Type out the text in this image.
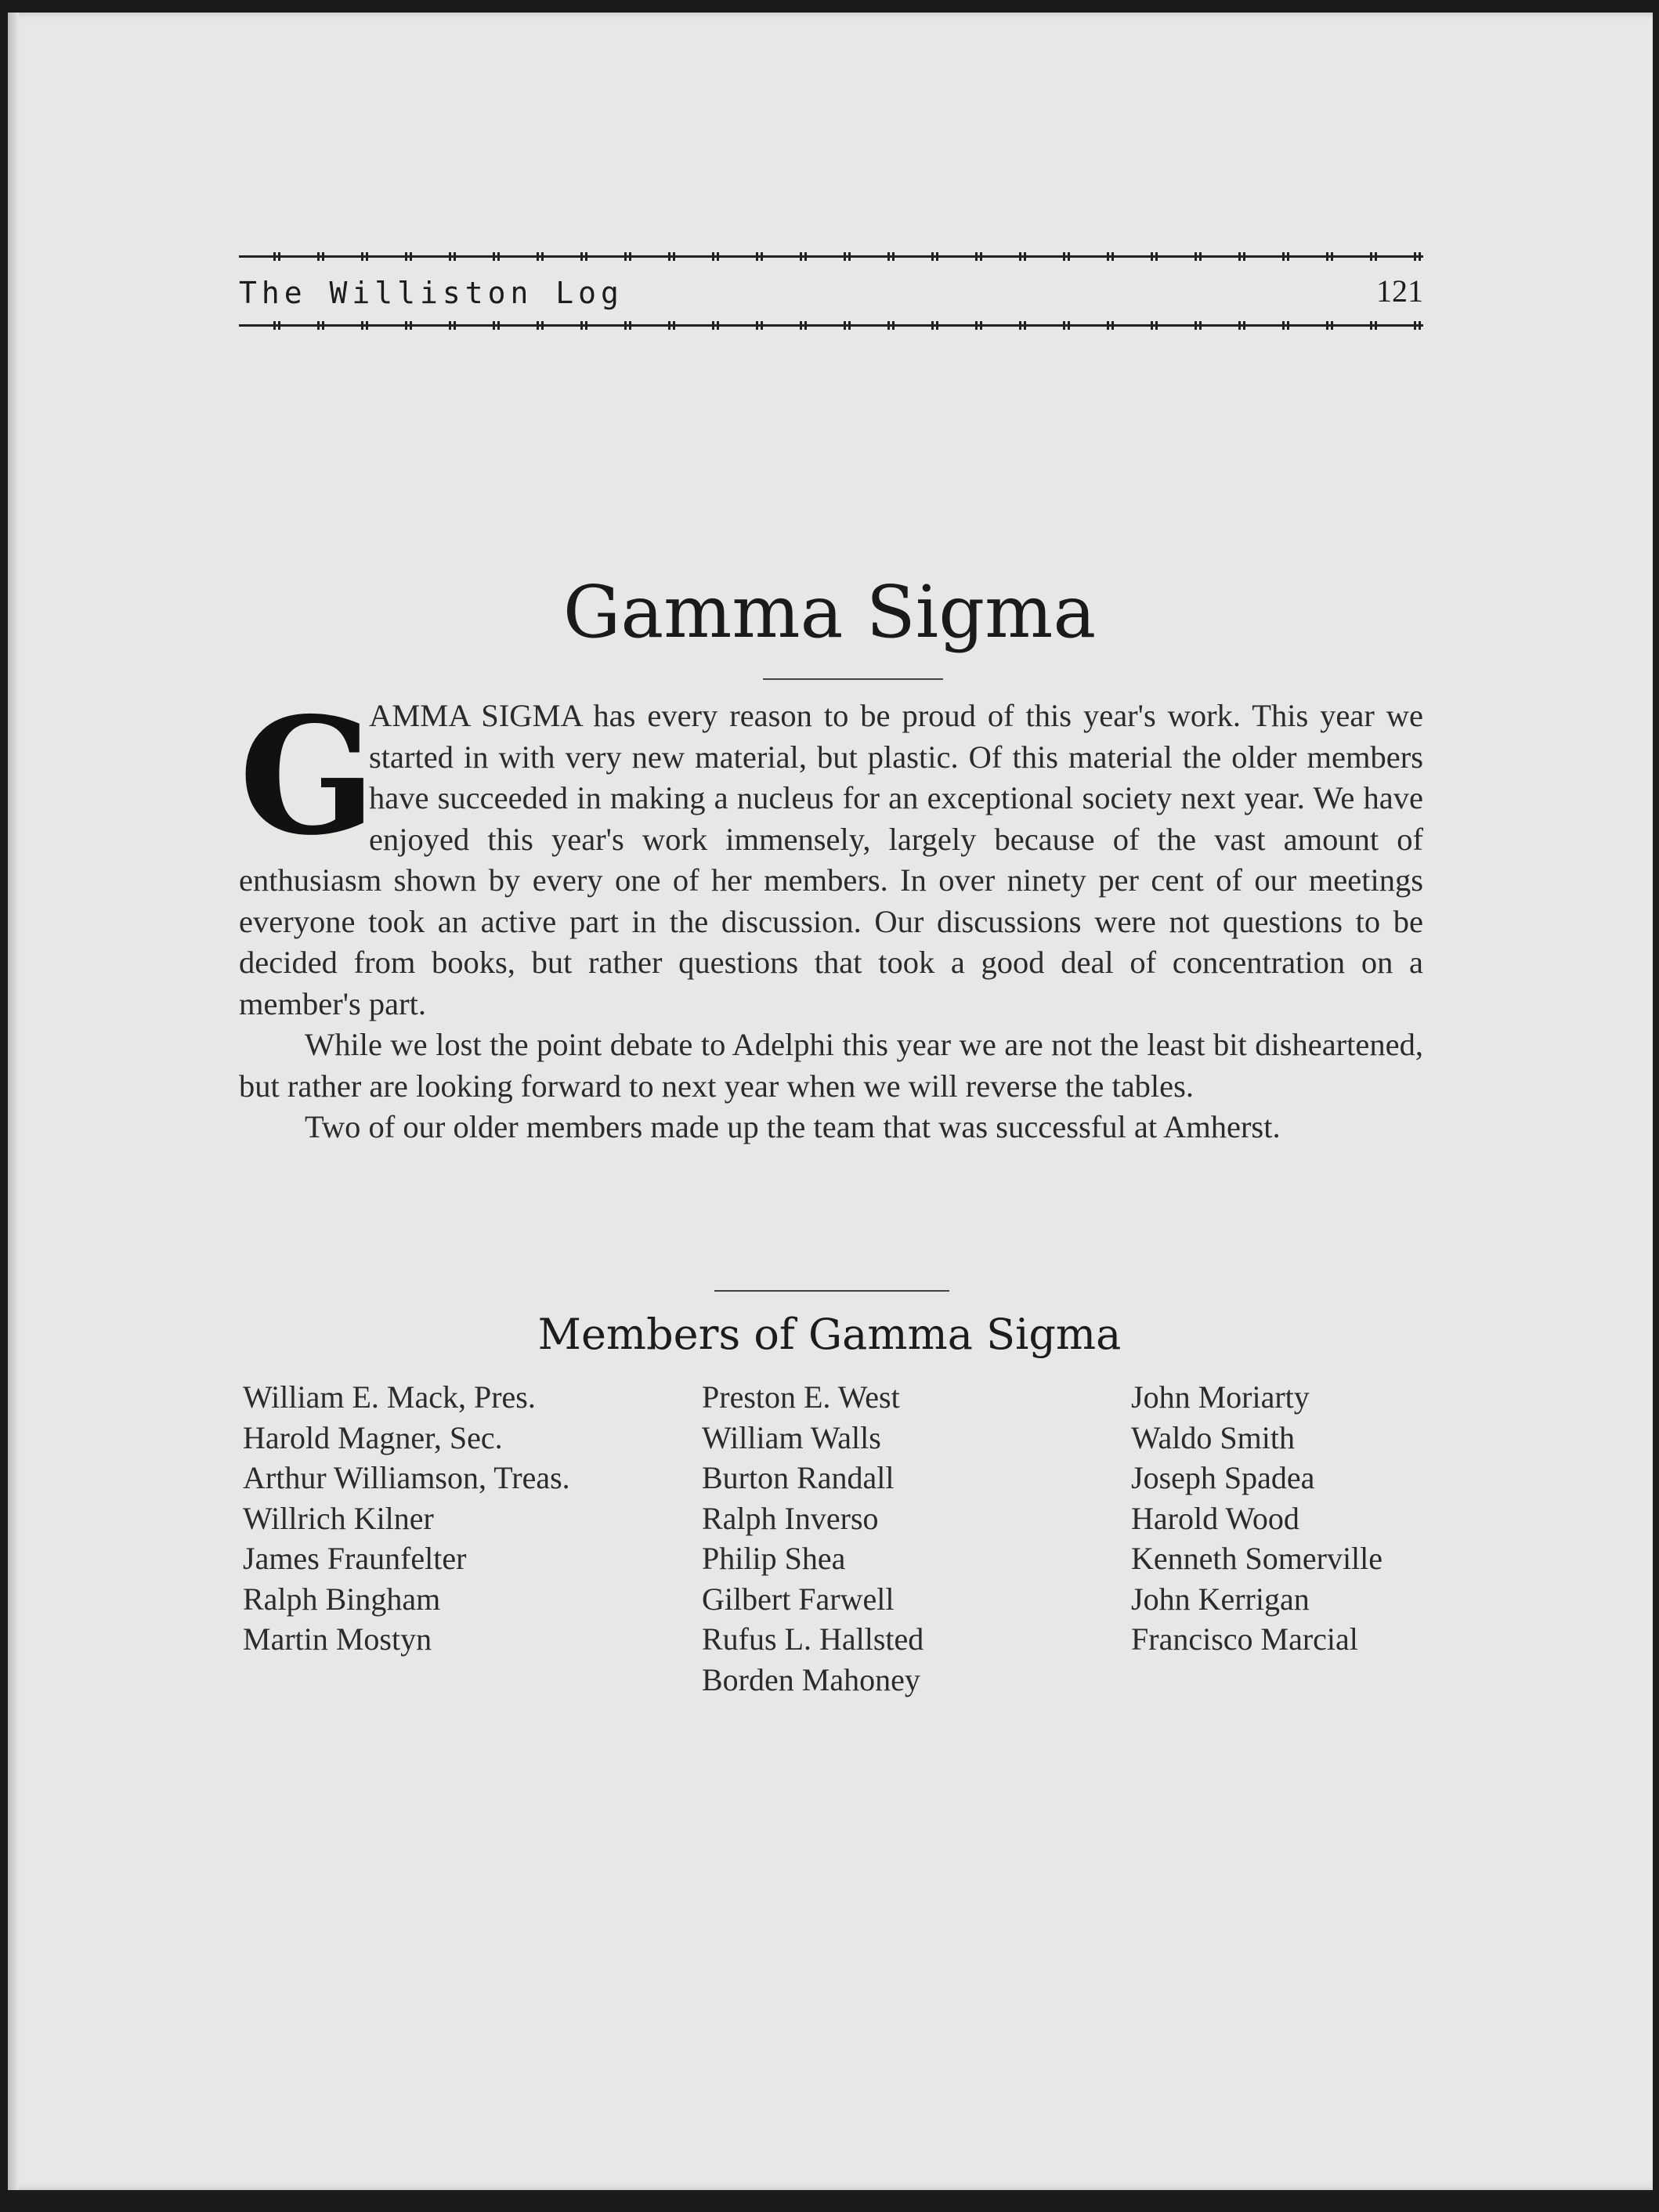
The Williston Log	121
Gamma Sigma
G

AMMA SIGMA has every reason to be proud of this year's work. This year we started in with very new material, but plastic. Of this material the older members have succeeded in making a nucleus for an exceptional society next year. We have enjoyed this year's work immensely, largely because of the vast amount of enthusiasm shown by every one of her members. In over ninety per cent of our meetings everyone took an active part in the discussion. Our discussions were not questions to be decided from books, but rather questions that took a good deal of concentration on a member's part.

While we lost the point debate to Adelphi this year we are not the least bit disheartened, but rather are looking forward to next year when we will reverse the tables.

Two of our older members made up the team that was successful at Amherst.

Members of Gamma Sigma
William E. Mack, Pres.
Harold Magner, Sec.
Arthur Williamson, Treas.
Willrich Kilner
James Fraunfelter
Ralph Bingham
Martin Mostyn
Preston E. West
William Walls
Burton Randall
Ralph Inverso
Philip Shea
Gilbert Farwell
Rufus L. Hallsted
Borden Mahoney
John Moriarty
Waldo Smith
Joseph Spadea
Harold Wood
Kenneth Somerville
John Kerrigan
Francisco Marcial
